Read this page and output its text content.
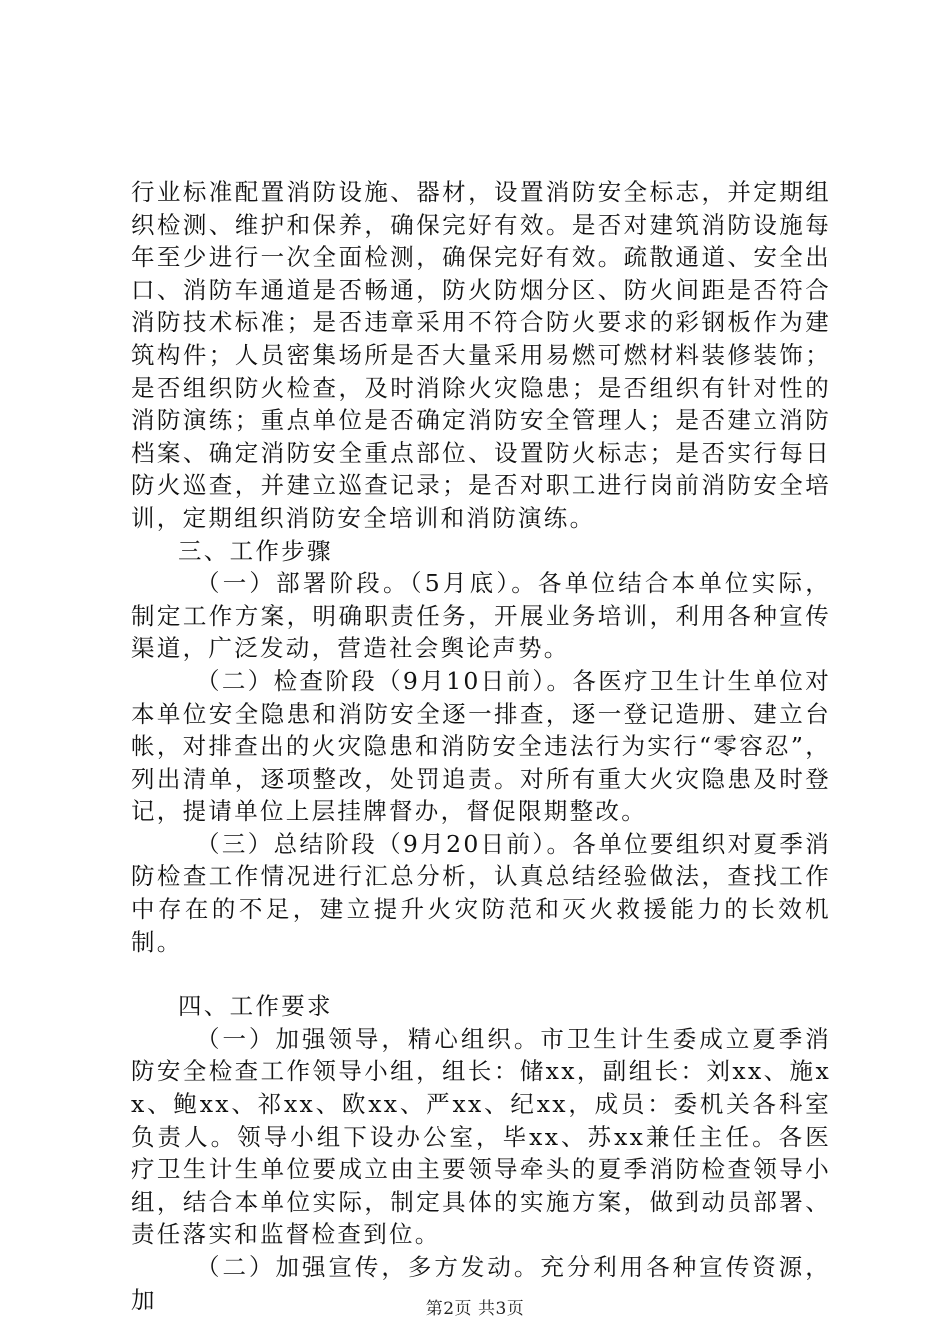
行业标准配置消防设施、器材，设置消防安全标志，并定期组织检测、维护和保养，确保完好有效。是否对建筑消防设施每年至少进行一次全面检测，确保完好有效。疏散通道、安全出口、消防车通道是否畅通，防火防烟分区、防火间距是否符合消防技术标准；是否违章采用不符合防火要求的彩钢板作为建筑构件；人员密集场所是否大量采用易燃可燃材料装修装饰；是否组织防火检查，及时消除火灾隐患；是否组织有针对性的消防演练；重点单位是否确定消防安全管理人；是否建立消防档案、确定消防安全重点部位、设置防火标志；是否实行每日防火巡查，并建立巡查记录；是否对职工进行岗前消防安全培训，定期组织消防安全培训和消防演练。

三、工作步骤

（一）部署阶段。（5月底）。各单位结合本单位实际，制定工作方案，明确职责任务，开展业务培训，利用各种宣传渠道，广泛发动，营造社会舆论声势。

（二）检查阶段（9月10日前）。各医疗卫生计生单位对本单位安全隐患和消防安全逐一排查，逐一登记造册、建立台帐，对排查出的火灾隐患和消防安全违法行为实行“零容忍”，列出清单，逐项整改，处罚追责。对所有重大火灾隐患及时登记，提请单位上层挂牌督办，督促限期整改。

（三）总结阶段（9月20日前）。各单位要组织对夏季消防检查工作情况进行汇总分析，认真总结经验做法，查找工作中存在的不足，建立提升火灾防范和灭火救援能力的长效机制。

四、工作要求

（一）加强领导，精心组织。市卫生计生委成立夏季消防安全检查工作领导小组，组长：储xx，副组长：刘xx、施xx、鲍xx、祁xx、欧xx、严xx、纪xx，成员：委机关各科室负责人。领导小组下设办公室，毕xx、苏xx兼任主任。各医疗卫生计生单位要成立由主要领导牵头的夏季消防检查领导小组，结合本单位实际，制定具体的实施方案，做到动员部署、责任落实和监督检查到位。

（二）加强宣传，多方发动。充分利用各种宣传资源，加	第2页 共3页
